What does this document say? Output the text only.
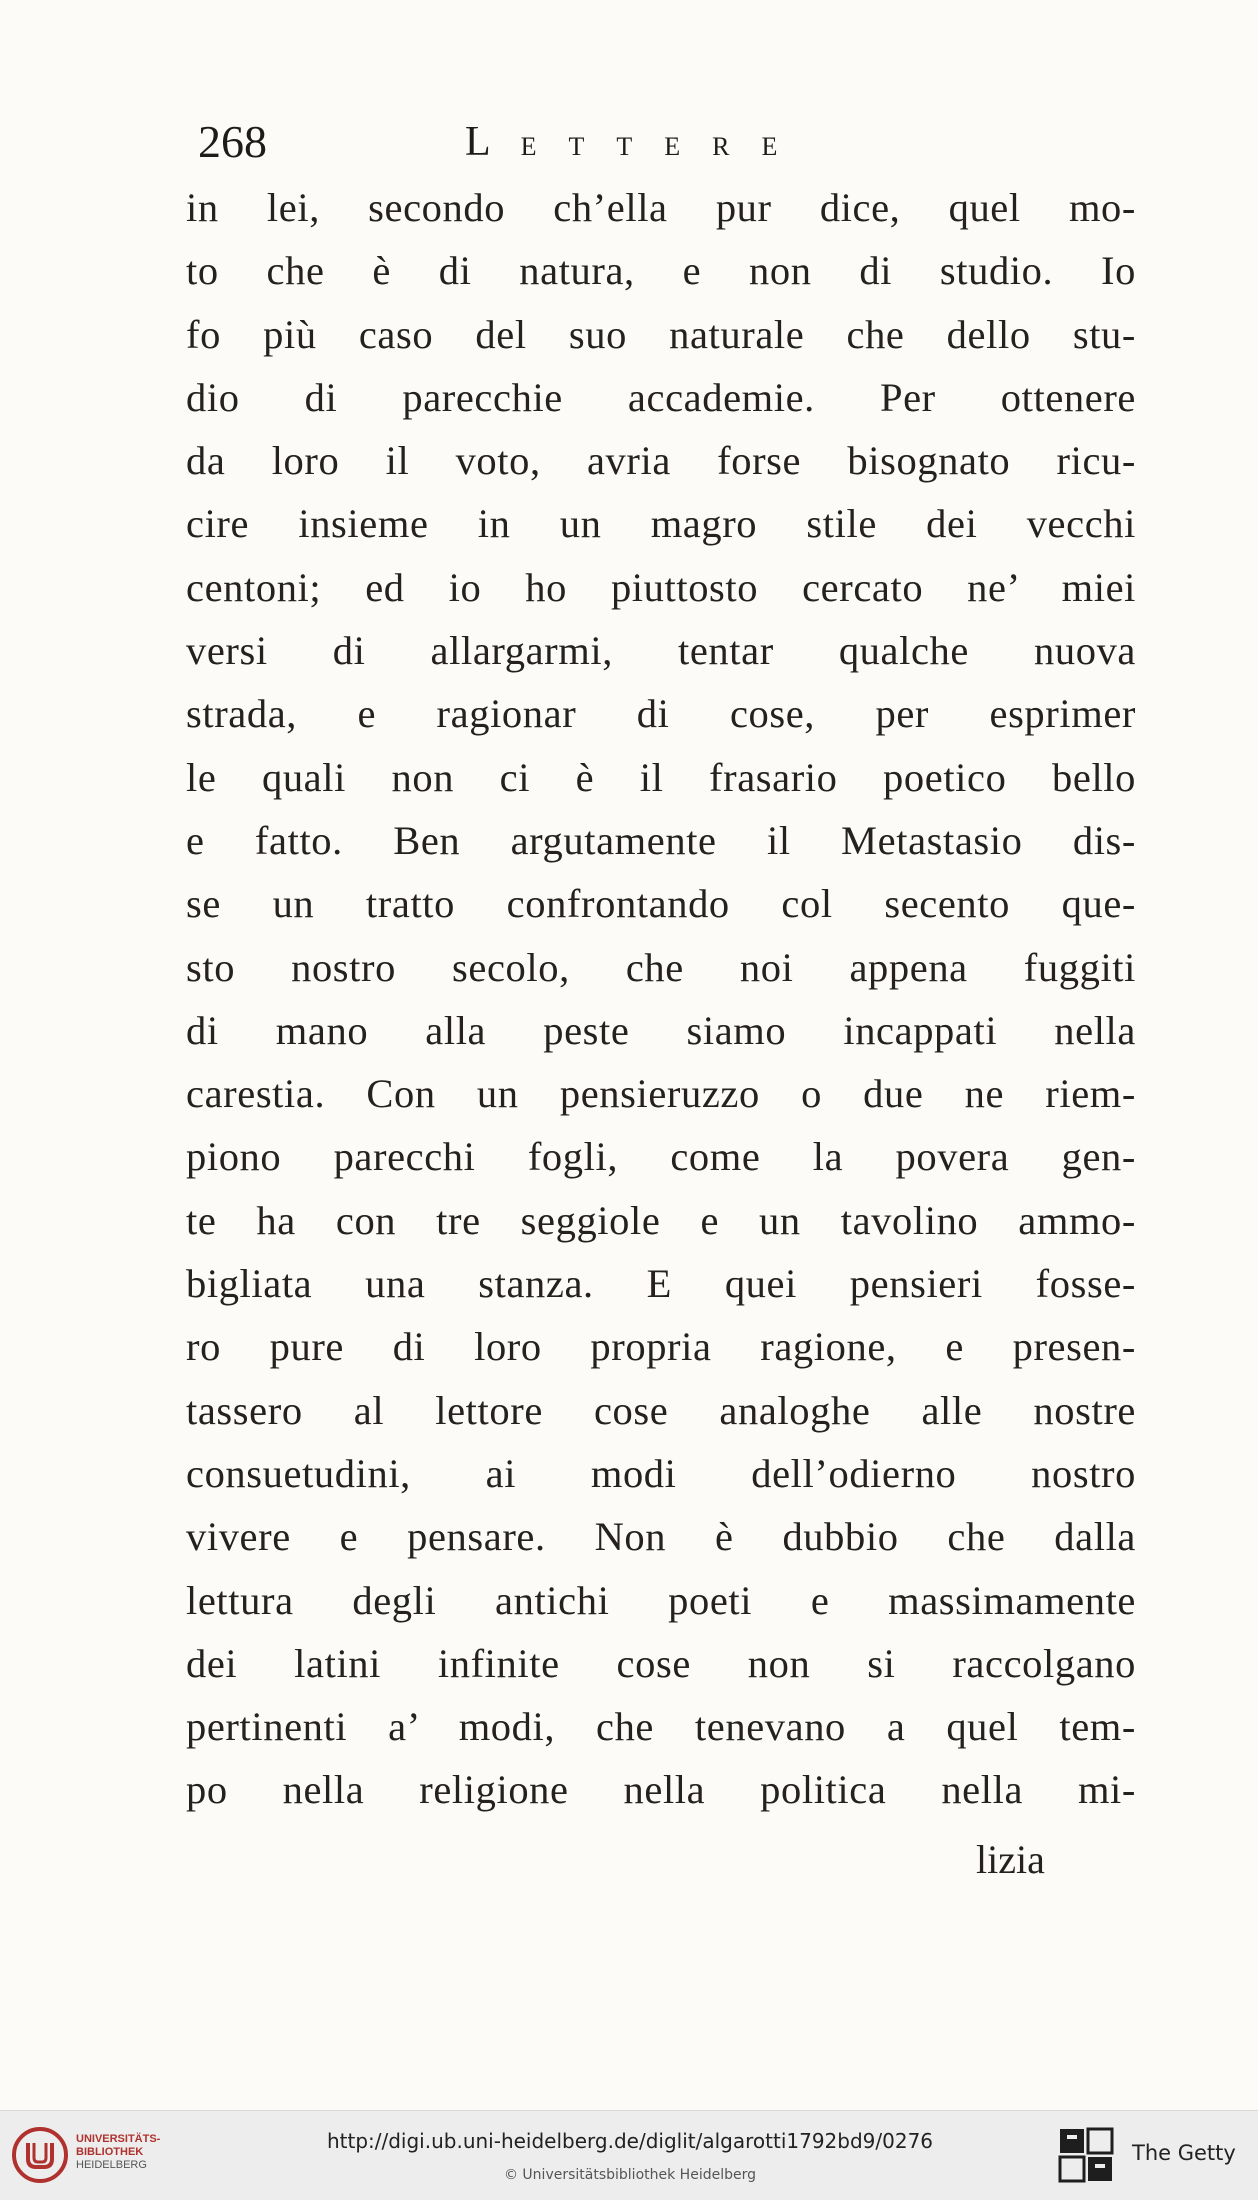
268	LETTERE
in lei, secondo ch’ella pur dice, quel mo-
to che è di natura, e non di studio. Io
fo più caso del suo naturale che dello stu-
dio di parecchie accademie. Per ottenere
da loro il voto, avria forse bisognato ricu-
cire insieme in un magro stile dei vecchi
centoni; ed io ho piuttosto cercato ne’ miei
versi di allargarmi, tentar qualche nuova
strada, e ragionar di cose, per esprimer
le quali non ci è il frasario poetico bello
e fatto. Ben argutamente il Metastasio dis-
se un tratto confrontando col secento que-
sto nostro secolo, che noi appena fuggiti
di mano alla peste siamo incappati nella
carestia. Con un pensieruzzo o due ne riem-
piono parecchi fogli, come la povera gen-
te ha con tre seggiole e un tavolino ammo-
bigliata una stanza. E quei pensieri fosse-
ro pure di loro propria ragione, e presen-
tassero al lettore cose analoghe alle nostre
consuetudini, ai modi dell’odierno nostro
vivere e pensare. Non è dubbio che dalla
lettura degli antichi poeti e massimamente
dei latini infinite cose non si raccolgano
pertinenti a’ modi, che tenevano a quel tem-
po nella religione nella politica nella mi-
lizia
UNIVERSITÄTS-
BIBLIOTHEK
HEIDELBERG
http://digi.ub.uni-heidelberg.de/diglit/algarotti1792bd9/0276
© Universitätsbibliothek Heidelberg
The Getty
